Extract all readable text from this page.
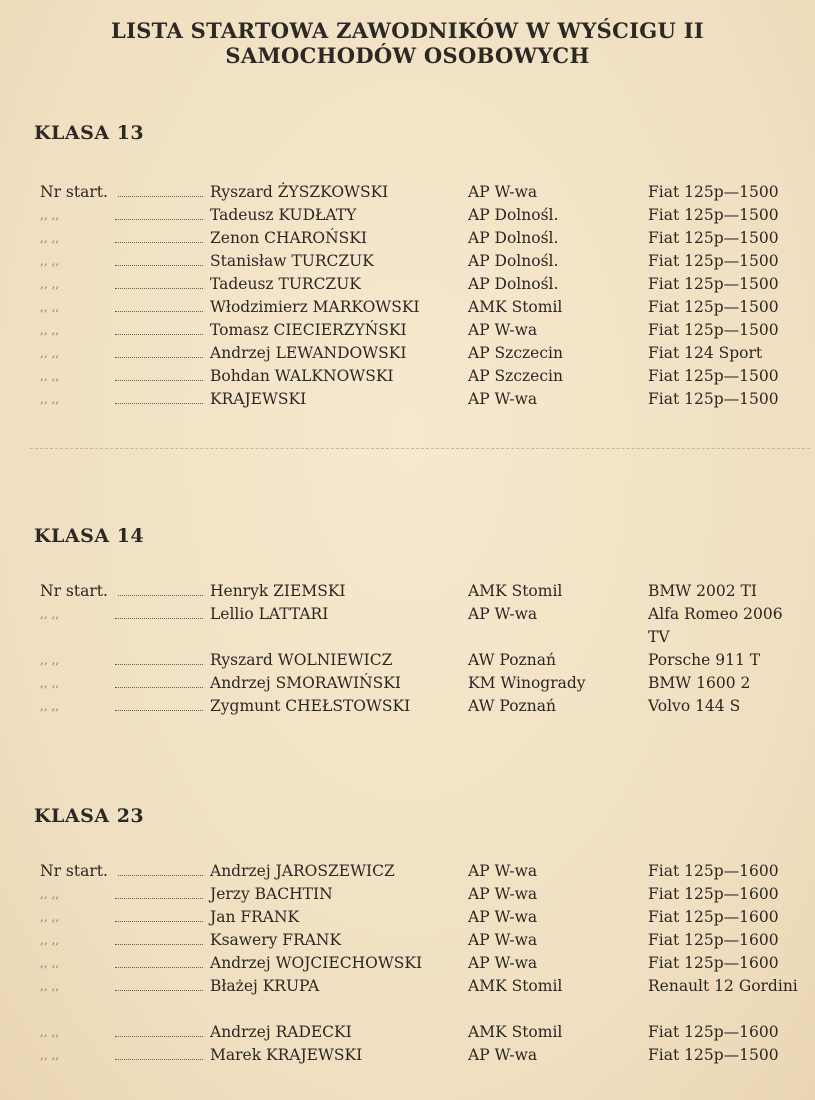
LISTA STARTOWA ZAWODNIKÓW W WYŚCIGU II
SAMOCHODÓW OSOBOWYCH
KLASA 13
Nr start.	Ryszard ŻYSZKOWSKI	AP W-wa	Fiat 125p—1500
,, ,,	Tadeusz KUDŁATY	AP Dolnośl.	Fiat 125p—1500
,, ,,	Zenon CHAROŃSKI	AP Dolnośl.	Fiat 125p—1500
,, ,,	Stanisław TURCZUK	AP Dolnośl.	Fiat 125p—1500
,, ,,	Tadeusz TURCZUK	AP Dolnośl.	Fiat 125p—1500
,, ,,	Włodzimierz MARKOWSKI	AMK Stomil	Fiat 125p—1500
,, ,,	Tomasz CIECIERZYŃSKI	AP W-wa	Fiat 125p—1500
,, ,,	Andrzej LEWANDOWSKI	AP Szczecin	Fiat 124 Sport
,, ,,	Bohdan WALKNOWSKI	AP Szczecin	Fiat 125p—1500
,, ,,	KRAJEWSKI	AP W-wa	Fiat 125p—1500
KLASA 14
Nr start.	Henryk ZIEMSKI	AMK Stomil	BMW 2002 TI
,, ,,	Lellio LATTARI	AP W-wa	Alfa Romeo 2006 TV
,, ,,	Ryszard WOLNIEWICZ	AW Poznań	Porsche 911 T
,, ,,	Andrzej SMORAWIŃSKI	KM Winogrady	BMW 1600 2
,, ,,	Zygmunt CHEŁSTOWSKI	AW Poznań	Volvo 144 S
KLASA 23
Nr start.	Andrzej JAROSZEWICZ	AP W-wa	Fiat 125p—1600
,, ,,	Jerzy BACHTIN	AP W-wa	Fiat 125p—1600
,, ,,	Jan FRANK	AP W-wa	Fiat 125p—1600
,, ,,	Ksawery FRANK	AP W-wa	Fiat 125p—1600
,, ,,	Andrzej WOJCIECHOWSKI	AP W-wa	Fiat 125p—1600
,, ,,	Błażej KRUPA	AMK Stomil	Renault 12 Gordini
,, ,,	Andrzej RADECKI	AMK Stomil	Fiat 125p—1600
,, ,,	Marek KRAJEWSKI	AP W-wa	Fiat 125p—1500
